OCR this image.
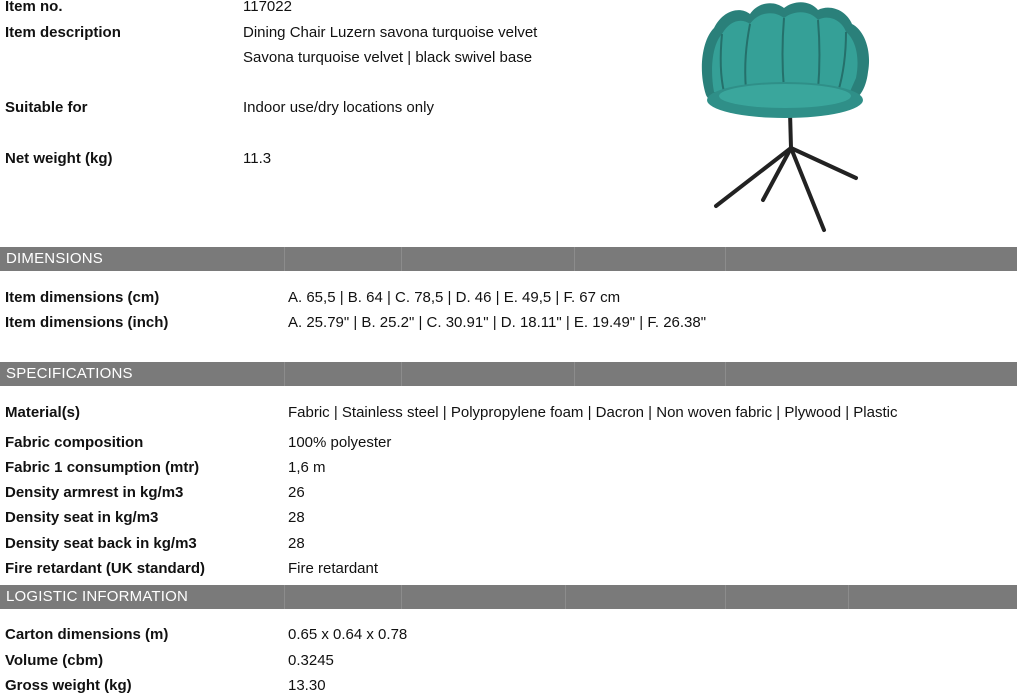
Item no.	117022
Item description	Dining Chair Luzern savona turquoise velvet
Savona turquoise velvet | black swivel base
Suitable for	Indoor use/dry locations only
Net weight (kg)	11.3
DIMENSIONS
Item dimensions (cm)	A. 65,5 | B. 64 | C. 78,5 | D. 46 | E. 49,5 | F. 67 cm
Item dimensions (inch)	A. 25.79" | B. 25.2" | C. 30.91" | D. 18.11" | E. 19.49" | F. 26.38"
SPECIFICATIONS
Material(s)	Fabric | Stainless steel | Polypropylene foam | Dacron | Non woven fabric | Plywood | Plastic
Fabric composition	100% polyester
Fabric 1 consumption (mtr)	1,6 m
Density armrest in kg/m3	26
Density seat in kg/m3	28
Density seat back in kg/m3	28
Fire retardant (UK standard)	Fire retardant
LOGISTIC INFORMATION
Carton dimensions (m)	0.65 x 0.64 x 0.78
Volume (cbm)	0.3245
Gross weight (kg)	13.30
